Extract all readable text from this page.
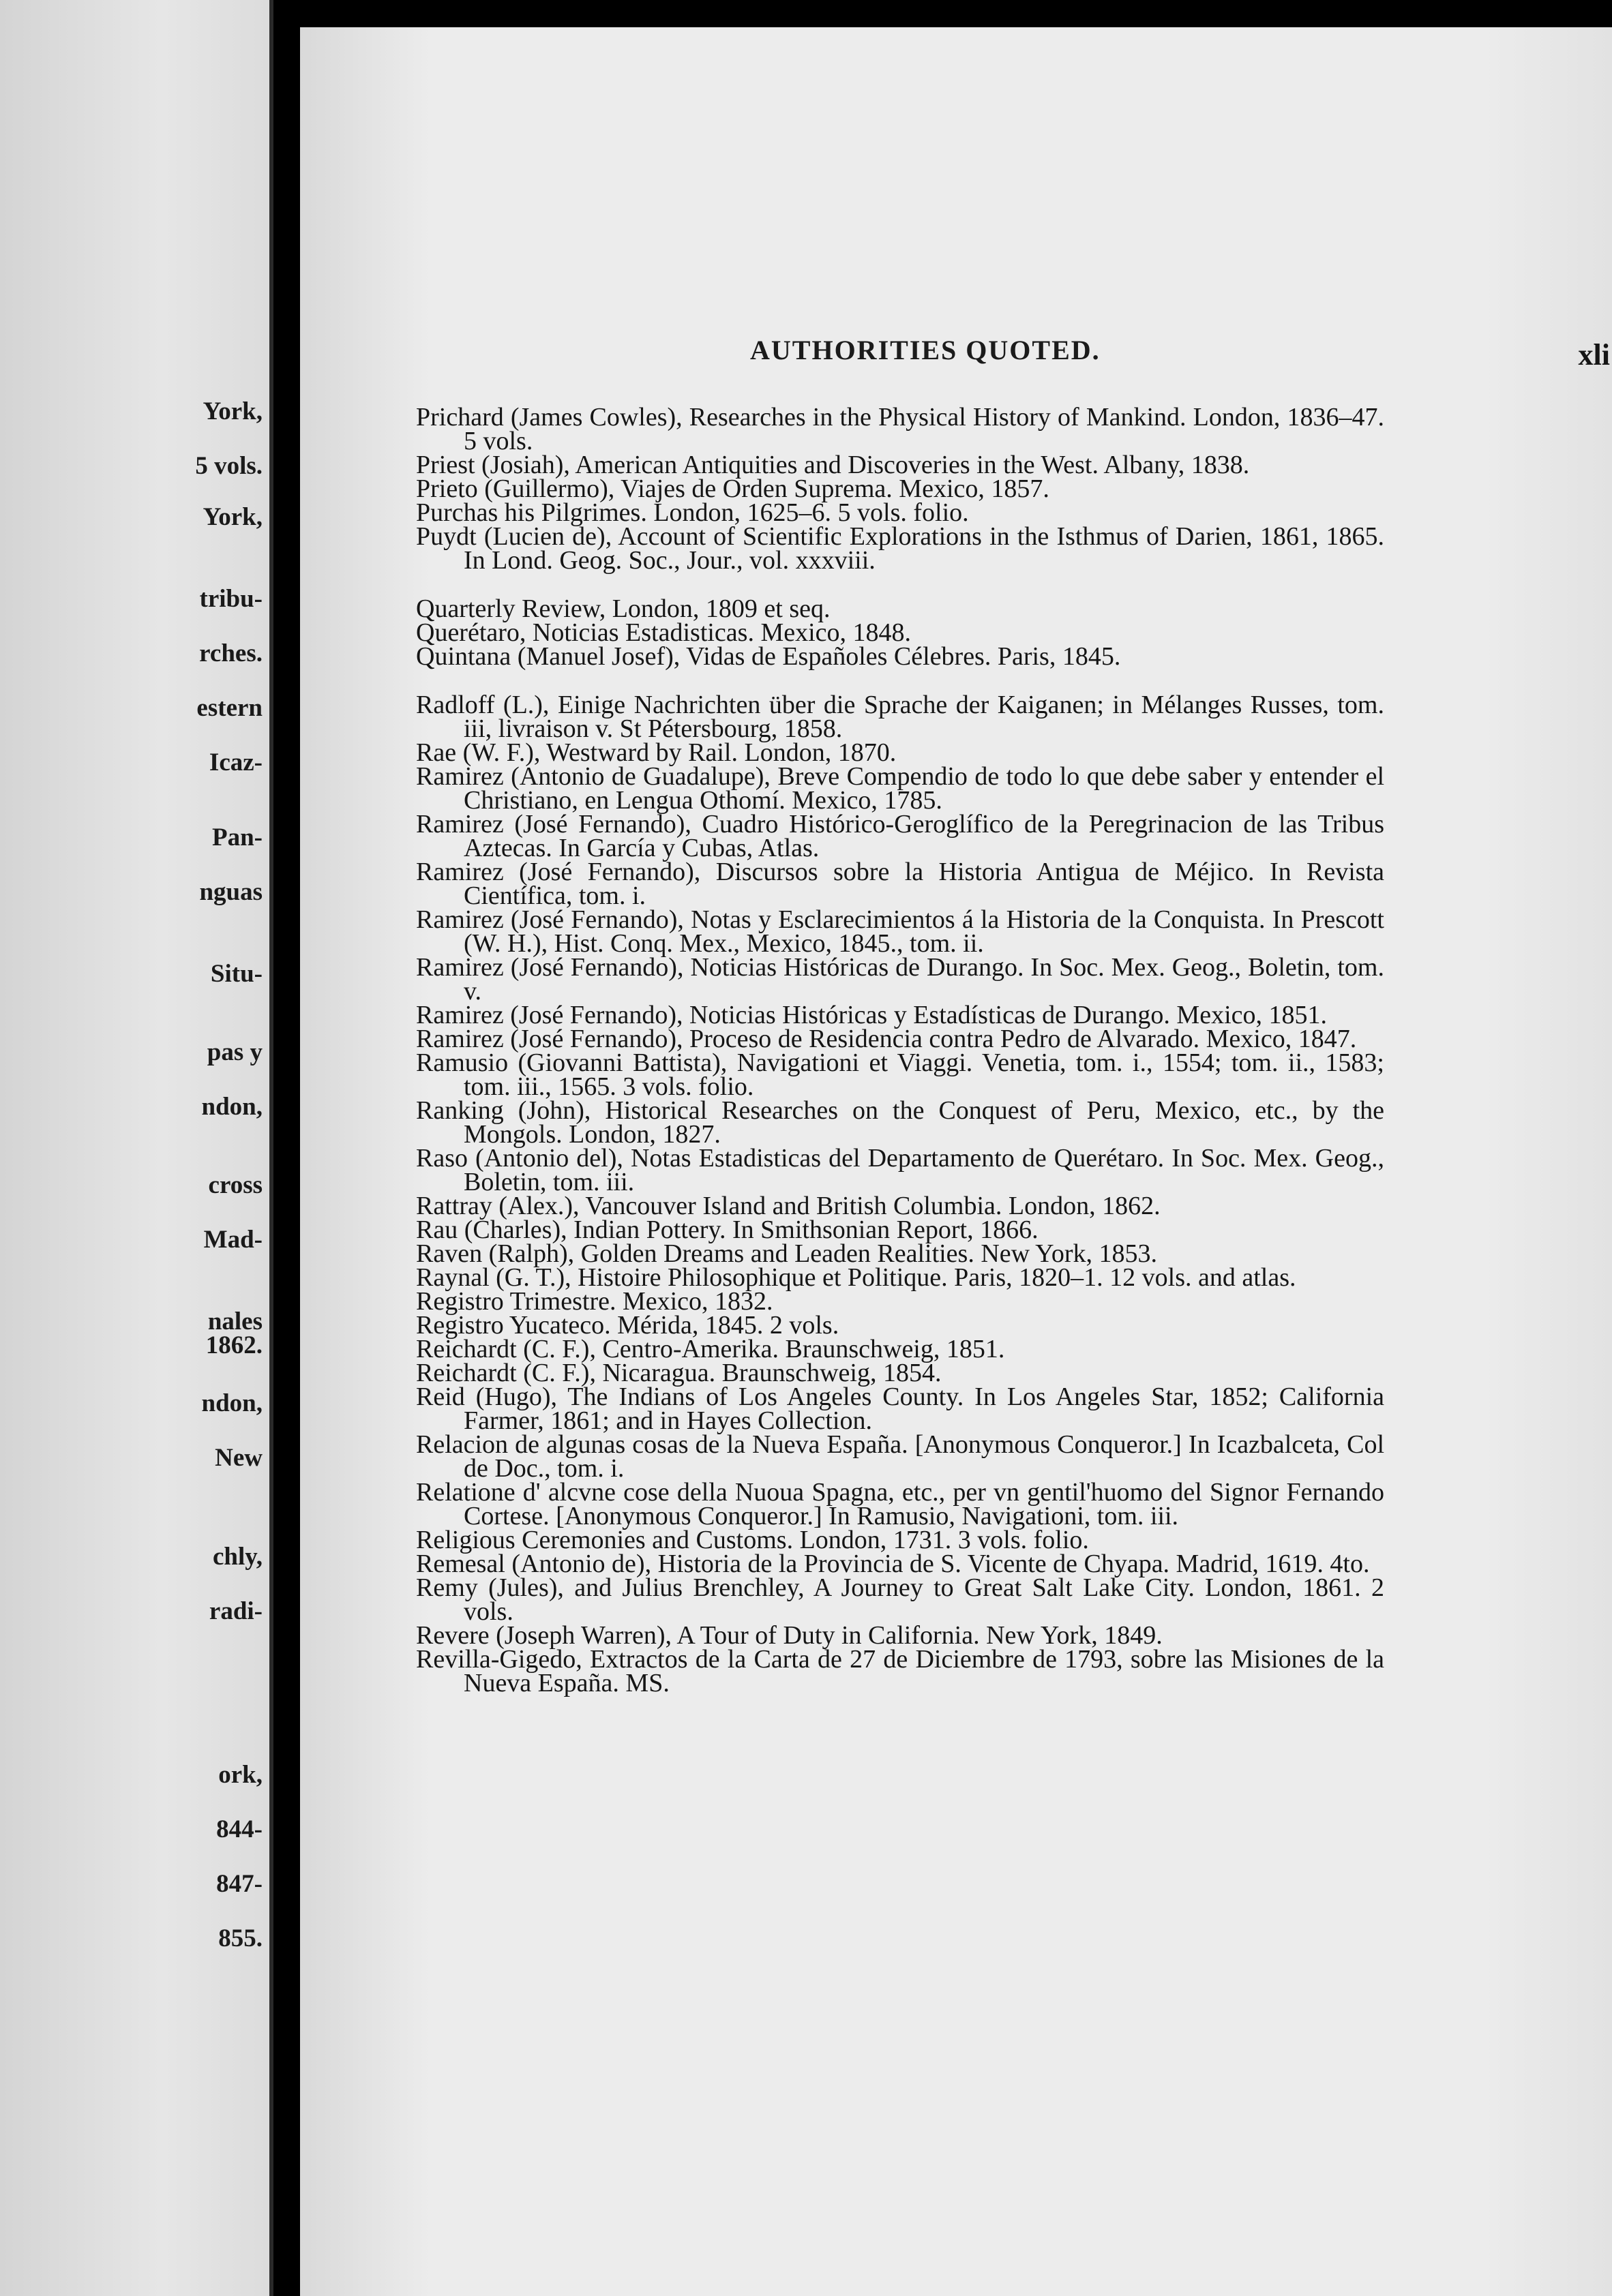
York,
5 vols.
York,
tribu-
rches.
estern
Icaz-
Pan-
nguas
Situ-
pas y
ndon,
cross
Mad-
nales
1862.
ndon,
New
chly,
radi-
ork,
844-
847-
855.
AUTHORITIES QUOTED.	xli

Prichard (James Cowles), Researches in the Physical History of Mankind. London, 1836–47. 5 vols.

Priest (Josiah), American Antiquities and Discoveries in the West. Albany, 1838.

Prieto (Guillermo), Viajes de Orden Suprema. Mexico, 1857.

Purchas his Pilgrimes. London, 1625–6. 5 vols. folio.

Puydt (Lucien de), Account of Scientific Explorations in the Isthmus of Darien, 1861, 1865. In Lond. Geog. Soc., Jour., vol. xxxviii.

Quarterly Review, London, 1809 et seq.

Querétaro, Noticias Estadisticas. Mexico, 1848.

Quintana (Manuel Josef), Vidas de Españoles Célebres. Paris, 1845.

Radloff (L.), Einige Nachrichten über die Sprache der Kaiganen; in Mélanges Russes, tom. iii, livraison v. St Pétersbourg, 1858.

Rae (W. F.), Westward by Rail. London, 1870.

Ramirez (Antonio de Guadalupe), Breve Compendio de todo lo que debe saber y entender el Christiano, en Lengua Othomí. Mexico, 1785.

Ramirez (José Fernando), Cuadro Histórico-Geroglífico de la Peregrinacion de las Tribus Aztecas. In García y Cubas, Atlas.

Ramirez (José Fernando), Discursos sobre la Historia Antigua de Méjico. In Revista Científica, tom. i.

Ramirez (José Fernando), Notas y Esclarecimientos á la Historia de la Conquista. In Prescott (W. H.), Hist. Conq. Mex., Mexico, 1845., tom. ii.

Ramirez (José Fernando), Noticias Históricas de Durango. In Soc. Mex. Geog., Boletin, tom. v.

Ramirez (José Fernando), Noticias Históricas y Estadísticas de Durango. Mexico, 1851.

Ramirez (José Fernando), Proceso de Residencia contra Pedro de Alvarado. Mexico, 1847.

Ramusio (Giovanni Battista), Navigationi et Viaggi. Venetia, tom. i., 1554; tom. ii., 1583; tom. iii., 1565. 3 vols. folio.

Ranking (John), Historical Researches on the Conquest of Peru, Mexico, etc., by the Mongols. London, 1827.

Raso (Antonio del), Notas Estadisticas del Departamento de Querétaro. In Soc. Mex. Geog., Boletin, tom. iii.

Rattray (Alex.), Vancouver Island and British Columbia. London, 1862.

Rau (Charles), Indian Pottery. In Smithsonian Report, 1866.

Raven (Ralph), Golden Dreams and Leaden Realities. New York, 1853.

Raynal (G. T.), Histoire Philosophique et Politique. Paris, 1820–1. 12 vols. and atlas.

Registro Trimestre. Mexico, 1832.

Registro Yucateco. Mérida, 1845. 2 vols.

Reichardt (C. F.), Centro-Amerika. Braunschweig, 1851.

Reichardt (C. F.), Nicaragua. Braunschweig, 1854.

Reid (Hugo), The Indians of Los Angeles County. In Los Angeles Star, 1852; California Farmer, 1861; and in Hayes Collection.

Relacion de algunas cosas de la Nueva España. [Anonymous Conqueror.] In Icazbalceta, Col de Doc., tom. i.

Relatione d' alcvne cose della Nuoua Spagna, etc., per vn gentil'huomo del Signor Fernando Cortese. [Anonymous Conqueror.] In Ramusio, Navigationi, tom. iii.

Religious Ceremonies and Customs. London, 1731. 3 vols. folio.

Remesal (Antonio de), Historia de la Provincia de S. Vicente de Chyapa. Madrid, 1619. 4to.

Remy (Jules), and Julius Brenchley, A Journey to Great Salt Lake City. London, 1861. 2 vols.

Revere (Joseph Warren), A Tour of Duty in California. New York, 1849.

Revilla-Gigedo, Extractos de la Carta de 27 de Diciembre de 1793, sobre las Misiones de la Nueva España. MS.
